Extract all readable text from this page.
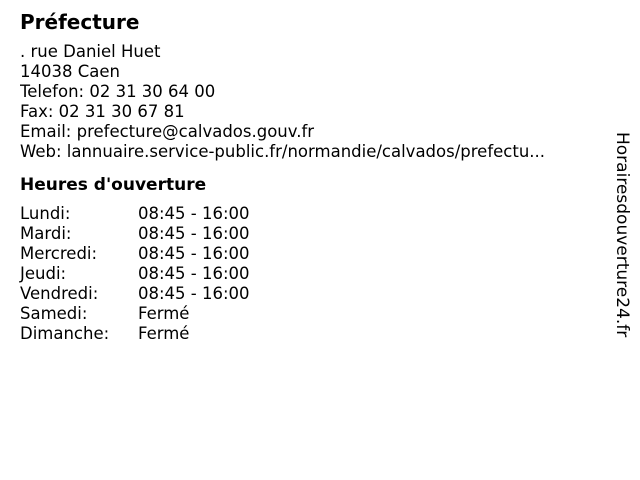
Préfecture
. rue Daniel Huet
14038 Caen
Telefon: 02 31 30 64 00
Fax: 02 31 30 67 81
Email: prefecture@calvados.gouv.fr
Web: lannuaire.service-public.fr/normandie/calvados/prefectu...
Heures d'ouverture
Lundi:	08:45 - 16:00
Mardi:	08:45 - 16:00
Mercredi:	08:45 - 16:00
Jeudi:	08:45 - 16:00
Vendredi:	08:45 - 16:00
Samedi:	Fermé
Dimanche:	Fermé	Horairesdouverture24.fr
